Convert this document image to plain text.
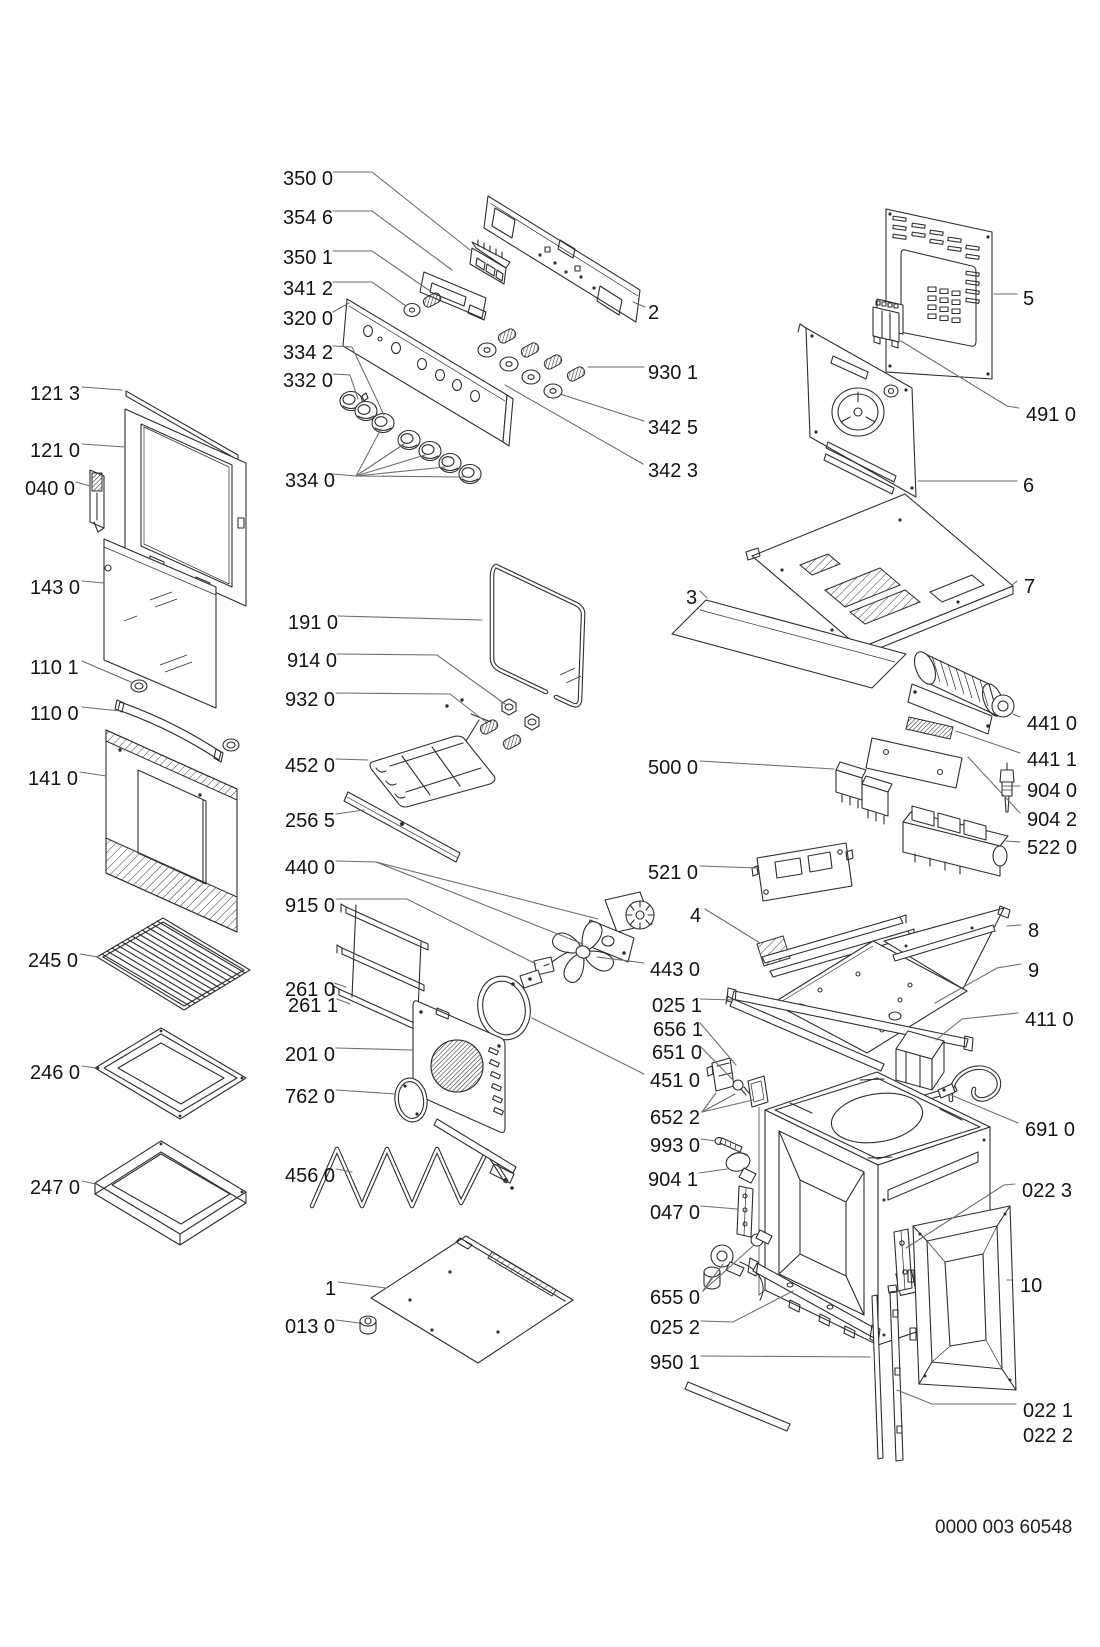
121 3
121 0
040 0
143 0
110 1
110 0
141 0
245 0
246 0
247 0
350 0
354 6
350 1
341 2
320 0
334 2
332 0
334 0
2
930 1
342 5
342 3
191 0
914 0
932 0
452 0
256 5
440 0
915 0
261 0
261 1
201 0
762 0
456 0
1
013 0
3
500 0
521 0
4
443 0
025 1
656 1
651 0
451 0
652 2
993 0
904 1
047 0
655 0
025 2
950 1
5
491 0
6
7
441 0
441 1
904 0
904 2
522 0
8
9
411 0
691 0
022 3
10
022 1
022 2
0000 003 60548
